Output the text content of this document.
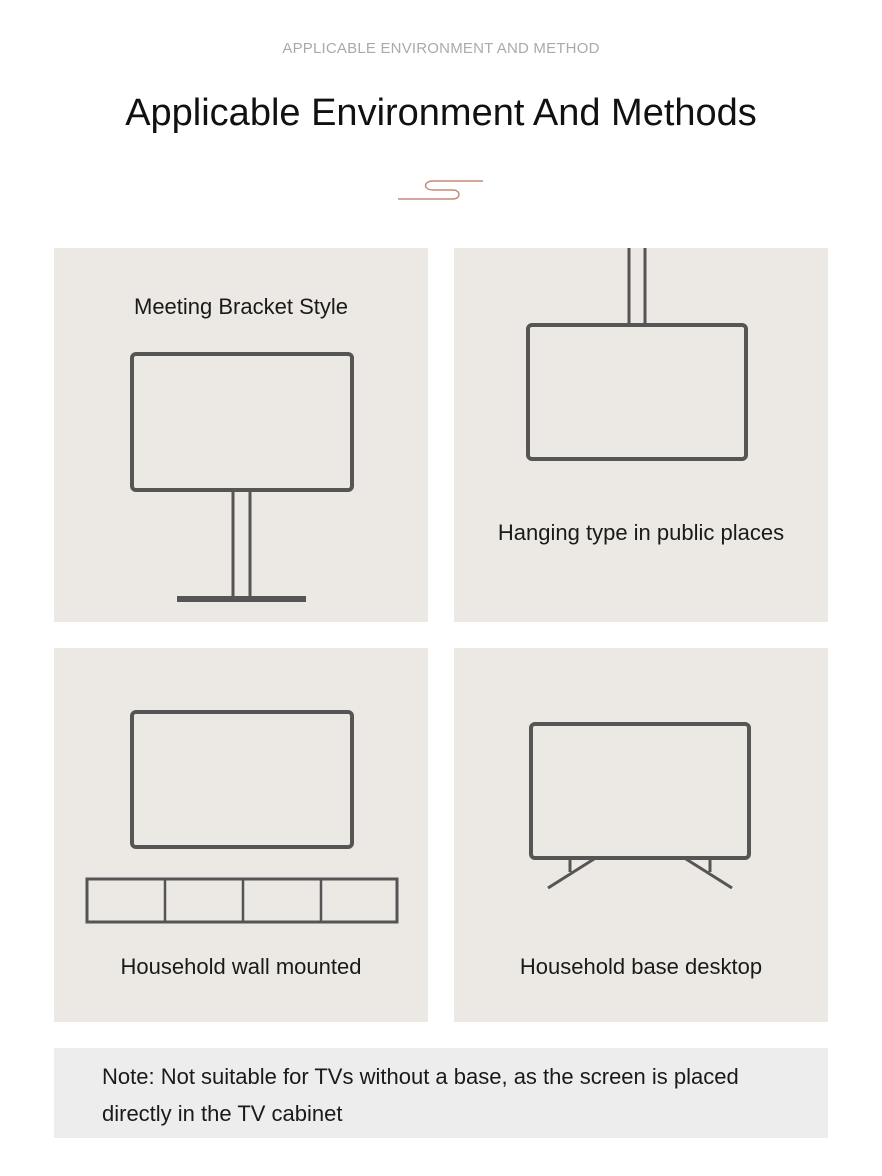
APPLICABLE ENVIRONMENT AND METHOD
Applicable Environment And Methods
Meeting Bracket Style
Hanging type in public places
Household wall mounted	Household base desktop
Note: Not suitable for TVs without a base, as the screen is placed directly in the TV cabinet
